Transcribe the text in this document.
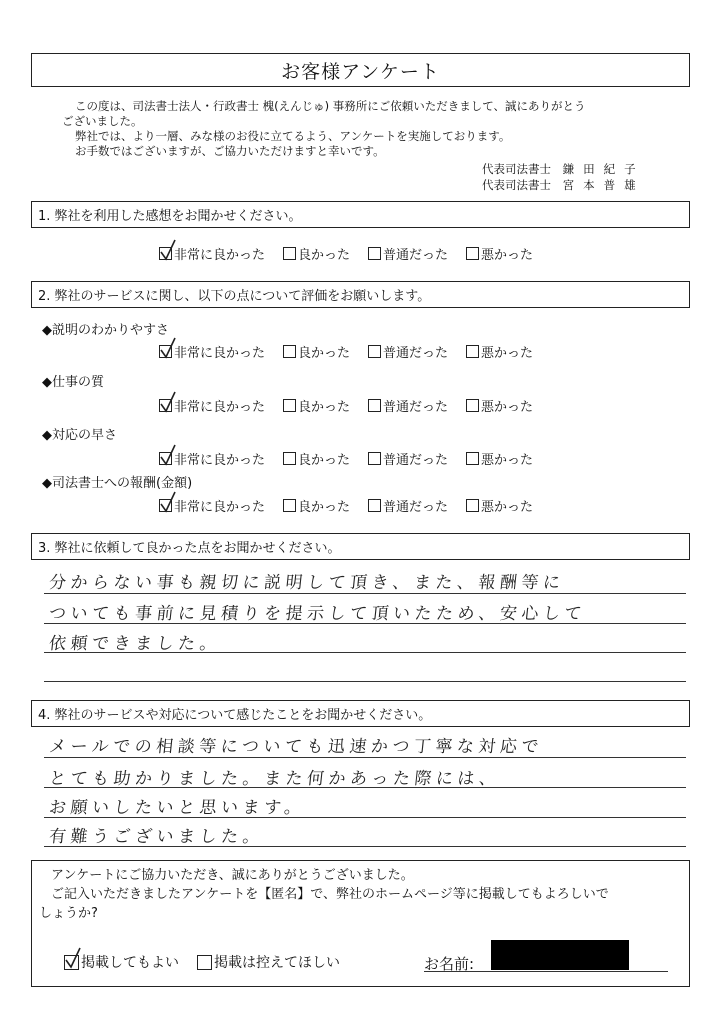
お客様アンケート
この度は、司法書士法人・行政書士 槐(えんじゅ) 事務所にご依頼いただきまして、誠にありがとう
ございました。
弊社では、より一層、みな様のお役に立てるよう、アンケートを実施しております。
お手数ではございますが、ご協力いただけますと幸いです。
代表司法書士 鎌田紀子
代表司法書士 宮本普雄
1. 弊社を利用した感想をお聞かせください。
非常に良かった	良かった	普通だった	悪かった
2. 弊社のサービスに関し、以下の点について評価をお願いします。
◆説明のわかりやすさ
非常に良かった	良かった	普通だった	悪かった
◆仕事の質
非常に良かった	良かった	普通だった	悪かった
◆対応の早さ
非常に良かった	良かった	普通だった	悪かった
◆司法書士への報酬(金額)
非常に良かった	良かった	普通だった	悪かった
3. 弊社に依頼して良かった点をお聞かせください。
分からない事も親切に説明して頂き、また、報酬等に
ついても事前に見積りを提示して頂いたため、安心して
依頼できました。
4. 弊社のサービスや対応について感じたことをお聞かせください。
メールでの相談等についても迅速かつ丁寧な対応で
とても助かりました。また何かあった際には、
お願いしたいと思います。
有難うございました。
アンケートにご協力いただき、誠にありがとうございました。
ご記入いただきましたアンケートを【匿名】で、弊社のホームページ等に掲載してもよろしいで
しょうか?
掲載してもよい	掲載は控えてほしい	お名前:
